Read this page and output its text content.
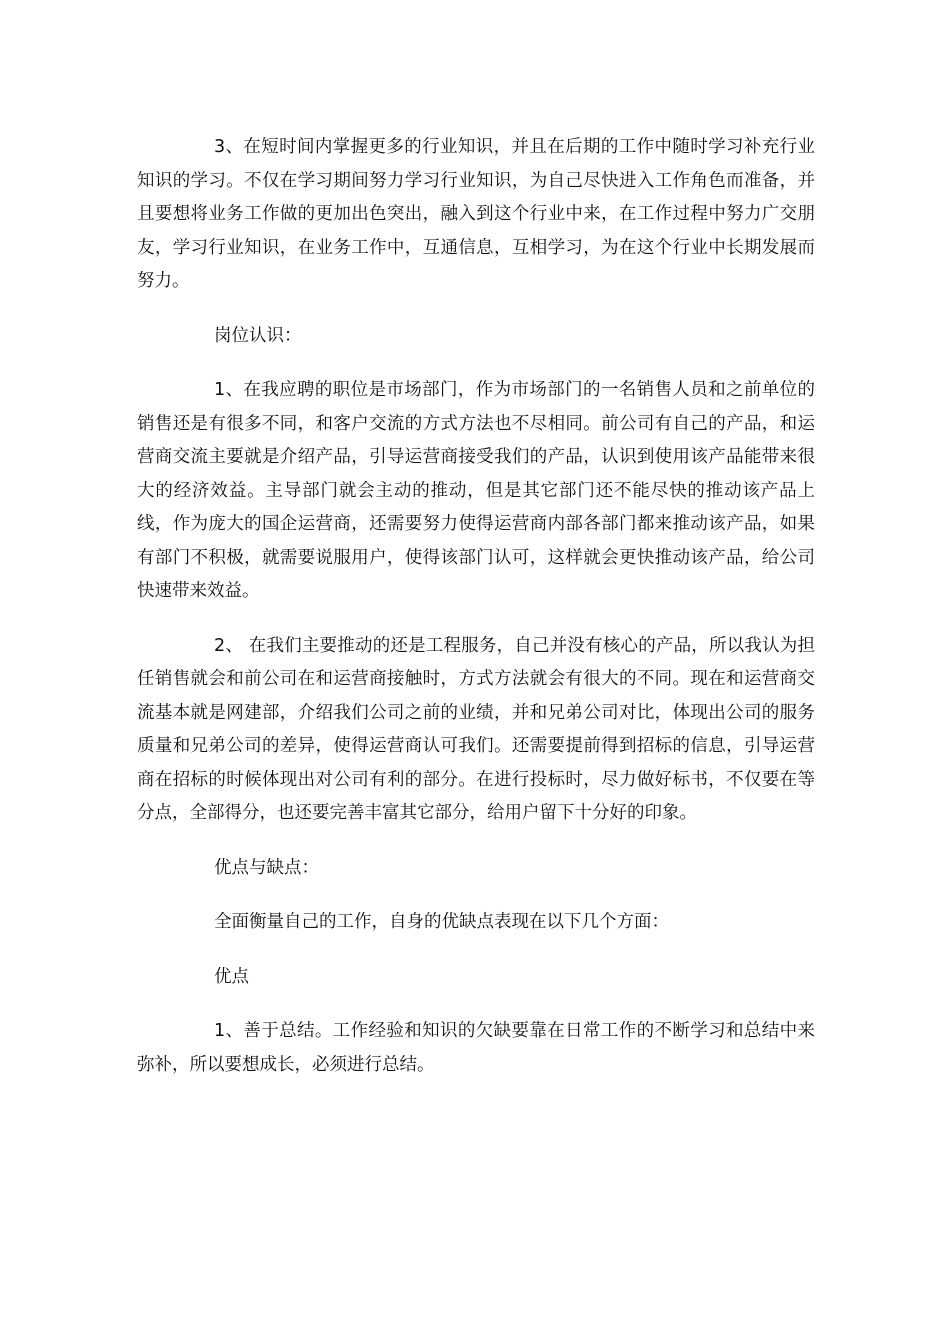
3、在短时间内掌握更多的行业知识，并且在后期的工作中随时学习补充行业知识的学习。不仅在学习期间努力学习行业知识，为自己尽快进入工作角色而准备，并且要想将业务工作做的更加出色突出，融入到这个行业中来，在工作过程中努力广交朋友，学习行业知识，在业务工作中，互通信息，互相学习，为在这个行业中长期发展而努力。

岗位认识：

1、在我应聘的职位是市场部门，作为市场部门的一名销售人员和之前单位的销售还是有很多不同，和客户交流的方式方法也不尽相同。前公司有自己的产品，和运营商交流主要就是介绍产品，引导运营商接受我们的产品，认识到使用该产品能带来很大的经济效益。主导部门就会主动的推动，但是其它部门还不能尽快的推动该产品上线，作为庞大的国企运营商，还需要努力使得运营商内部各部门都来推动该产品，如果有部门不积极，就需要说服用户，使得该部门认可，这样就会更快推动该产品，给公司快速带来效益。

2、 在我们主要推动的还是工程服务，自己并没有核心的产品，所以我认为担任销售就会和前公司在和运营商接触时，方式方法就会有很大的不同。现在和运营商交流基本就是网建部，介绍我们公司之前的业绩，并和兄弟公司对比，体现出公司的服务质量和兄弟公司的差异，使得运营商认可我们。还需要提前得到招标的信息，引导运营商在招标的时候体现出对公司有利的部分。在进行投标时，尽力做好标书，不仅要在等分点，全部得分，也还要完善丰富其它部分，给用户留下十分好的印象。

优点与缺点：

全面衡量自己的工作，自身的优缺点表现在以下几个方面：

优点

1、善于总结。工作经验和知识的欠缺要靠在日常工作的不断学习和总结中来弥补，所以要想成长，必须进行总结。
